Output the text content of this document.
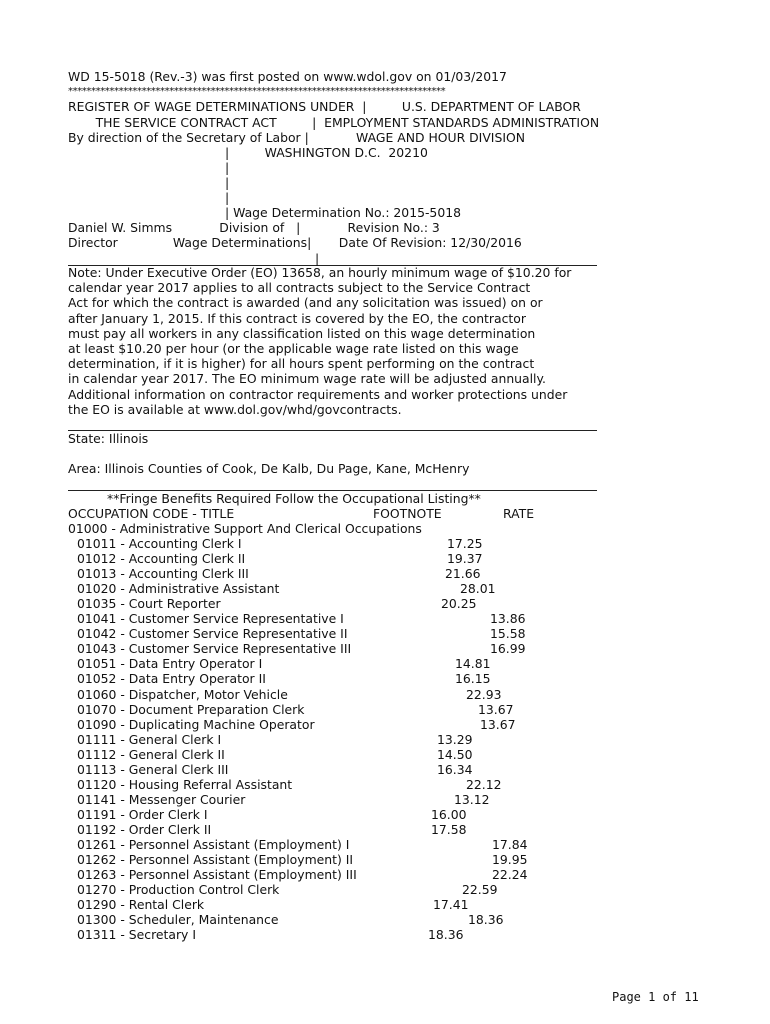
WD 15-5018 (Rev.-3) was first posted on www.wdol.gov on 01/03/2017
**********************************************************************************
REGISTER OF WAGE DETERMINATIONS UNDER  |         U.S. DEPARTMENT OF LABOR
THE SERVICE CONTRACT ACT         |  EMPLOYMENT STANDARDS ADMINISTRATION
By direction of the Secretary of Labor |            WAGE AND HOUR DIVISION
|         WASHINGTON D.C.  20210
|
|
|
| Wage Determination No.: 2015-5018
Daniel W. Simms            Division of   |            Revision No.: 3
Director              Wage Determinations|       Date Of Revision: 12/30/2016
|
Note: Under Executive Order (EO) 13658, an hourly minimum wage of $10.20 for
calendar year 2017 applies to all contracts subject to the Service Contract
Act for which the contract is awarded (and any solicitation was issued) on or
after January 1, 2015. If this contract is covered by the EO, the contractor
must pay all workers in any classification listed on this wage determination
at least $10.20 per hour (or the applicable wage rate listed on this wage
determination, if it is higher) for all hours spent performing on the contract
in calendar year 2017. The EO minimum wage rate will be adjusted annually.
Additional information on contractor requirements and worker protections under
the EO is available at www.dol.gov/whd/govcontracts.
State: Illinois
Area: Illinois Counties of Cook, De Kalb, Du Page, Kane, McHenry
**Fringe Benefits Required Follow the Occupational Listing**
OCCUPATION CODE - TITLE	FOOTNOTE	RATE
01000 - Administrative Support And Clerical Occupations
01011 - Accounting Clerk I	17.25
01012 - Accounting Clerk II	19.37
01013 - Accounting Clerk III	21.66
01020 - Administrative Assistant	28.01
01035 - Court Reporter	20.25
01041 - Customer Service Representative I	13.86
01042 - Customer Service Representative II	15.58
01043 - Customer Service Representative III	16.99
01051 - Data Entry Operator I	14.81
01052 - Data Entry Operator II	16.15
01060 - Dispatcher, Motor Vehicle	22.93
01070 - Document Preparation Clerk	13.67
01090 - Duplicating Machine Operator	13.67
01111 - General Clerk I	13.29
01112 - General Clerk II	14.50
01113 - General Clerk III	16.34
01120 - Housing Referral Assistant	22.12
01141 - Messenger Courier	13.12
01191 - Order Clerk I	16.00
01192 - Order Clerk II	17.58
01261 - Personnel Assistant (Employment) I	17.84
01262 - Personnel Assistant (Employment) II	19.95
01263 - Personnel Assistant (Employment) III	22.24
01270 - Production Control Clerk	22.59
01290 - Rental Clerk	17.41
01300 - Scheduler, Maintenance	18.36
01311 - Secretary I	18.36
Page 1 of 11
